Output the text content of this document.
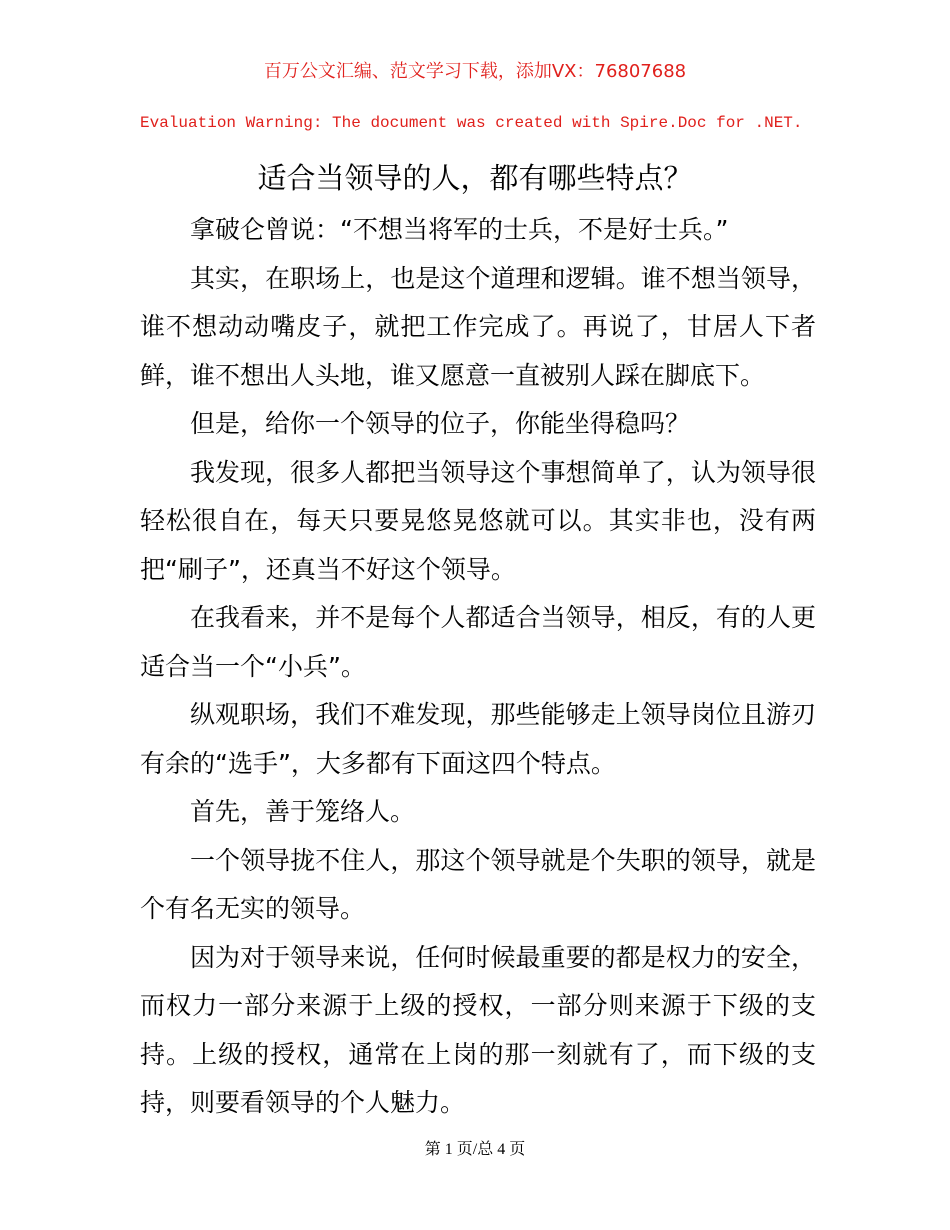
百万公文汇编、范文学习下载，添加VX：76807688
Evaluation Warning: The document was created with Spire.Doc for .NET.
适合当领导的人，都有哪些特点？

拿破仑曾说：“不想当将军的士兵，不是好士兵。”

其实，在职场上，也是这个道理和逻辑。谁不想当领导，谁不想动动嘴皮子，就把工作完成了。再说了，甘居人下者鲜，谁不想出人头地，谁又愿意一直被别人踩在脚底下。

但是，给你一个领导的位子，你能坐得稳吗？

我发现，很多人都把当领导这个事想简单了，认为领导很轻松很自在，每天只要晃悠晃悠就可以。其实非也，没有两把“刷子”，还真当不好这个领导。

在我看来，并不是每个人都适合当领导，相反，有的人更适合当一个“小兵”。

纵观职场，我们不难发现，那些能够走上领导岗位且游刃有余的“选手”，大多都有下面这四个特点。

首先，善于笼络人。

一个领导拢不住人，那这个领导就是个失职的领导，就是个有名无实的领导。

因为对于领导来说，任何时候最重要的都是权力的安全，而权力一部分来源于上级的授权，一部分则来源于下级的支持。上级的授权，通常在上岗的那一刻就有了，而下级的支持，则要看领导的个人魅力。

第 1 页/总 4 页
